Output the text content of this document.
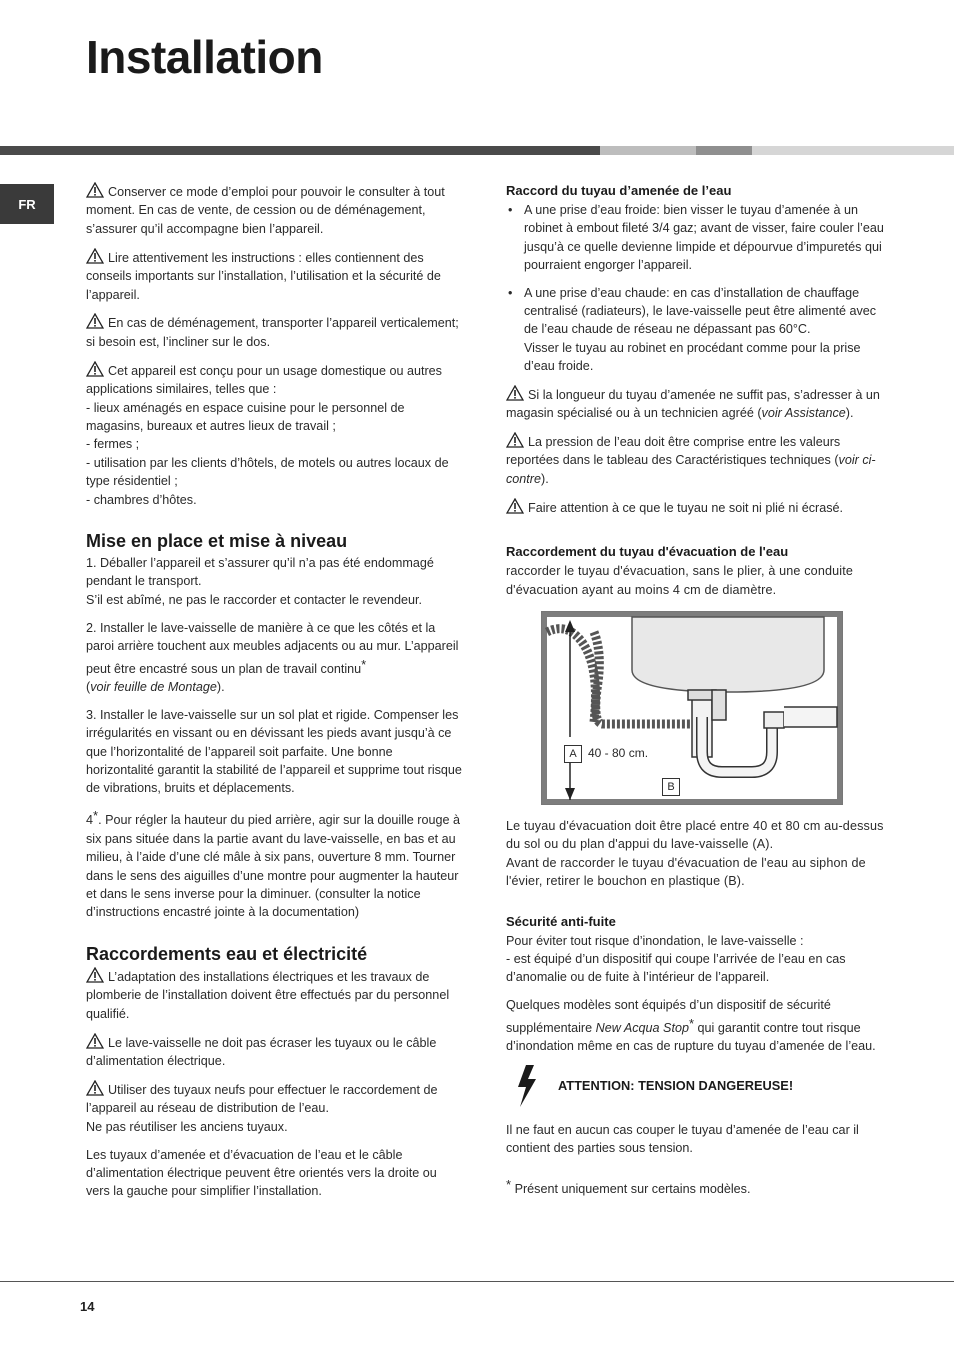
Installation
FR

Conserver ce mode d’emploi pour pouvoir le consulter à tout moment. En cas de vente, de cession ou de déménagement, s’assurer qu’il accompagne bien l’appareil.

Lire attentivement les instructions : elles contiennent des conseils importants sur l’installation, l’utilisation et la sécurité de l’appareil.

En cas de déménagement, transporter l’appareil verticalement; si besoin est, l’incliner sur le dos.

Cet appareil est conçu pour un usage domestique ou autres applications similaires, telles que :
- lieux aménagés en espace cuisine pour le personnel de magasins, bureaux et autres lieux de travail ;
- fermes ;
- utilisation par les clients d’hôtels, de motels ou autres locaux de type résidentiel ;
- chambres d’hôtes.

Mise en place et mise à niveau

1. Déballer l’appareil et s’assurer qu’il n’a pas été endommagé pendant le transport.
S’il est abîmé, ne pas le raccorder et contacter le revendeur.

2. Installer le lave-vaisselle de manière à ce que les côtés et la paroi arrière touchent aux meubles adjacents ou au mur. L’appareil peut être encastré sous un plan de travail continu*
(voir feuille de Montage).

3. Installer le lave-vaisselle sur un sol plat et rigide. Compenser les irrégularités en vissant ou en dévissant les pieds avant jusqu’à ce que l’horizontalité de l’appareil soit parfaite. Une bonne horizontalité garantit la stabilité de l’appareil et supprime tout risque de vibrations, bruits et déplacements.

4*. Pour régler la hauteur du pied arrière, agir sur la douille rouge à six pans située dans la partie avant du lave-vaisselle, en bas et au milieu, à l’aide d’une clé mâle à six pans, ouverture 8 mm. Tourner dans le sens des aiguilles d’une montre pour augmenter la hauteur et dans le sens inverse pour la diminuer. (consulter la notice d’instructions encastré jointe à la documentation)

Raccordements eau et électricité

L’adaptation des installations électriques et les travaux de plomberie de l’installation doivent être effectués par du personnel qualifié.

Le lave-vaisselle ne doit pas écraser les tuyaux ou le câble d’alimentation électrique.

Utiliser des tuyaux neufs pour effectuer le raccordement de l’appareil au réseau de distribution de l’eau.
Ne pas réutiliser les anciens tuyaux.

Les tuyaux d’amenée et d’évacuation de l’eau et le câble d’alimentation électrique peuvent être orientés vers la droite ou vers la gauche pour simplifier l’installation.

Raccord du tuyau d’amenée de l’eau
• A une prise d’eau froide: bien visser le tuyau d’amenée à un robinet à embout fileté 3/4 gaz; avant de visser, faire couler l’eau jusqu’à ce quelle devienne limpide et dépourvue d’impuretés qui pourraient engorger l’appareil.
• A une prise d’eau chaude: en cas d’installation de chauffage centralisé (radiateurs), le lave-vaisselle peut être alimenté avec de l’eau chaude de réseau ne dépassant pas 60°C.
Visser le tuyau au robinet en procédant comme pour la prise d’eau froide.

Si la longueur du tuyau d’amenée ne suffit pas, s’adresser à un magasin spécialisé ou à un technicien agréé (voir Assistance).

La pression de l’eau doit être comprise entre les valeurs reportées dans le tableau des Caractéristiques techniques (voir ci-contre).

Faire attention à ce que le tuyau ne soit ni plié ni écrasé.

Raccordement du tuyau d'évacuation de l'eau

raccorder le tuyau d'évacuation, sans le plier, à une conduite d'évacuation ayant au moins 4 cm de diamètre.

A 40 - 80 cm.
B

Le tuyau d'évacuation doit être placé entre 40 et 80 cm au-dessus du sol ou du plan d'appui du lave-vaisselle (A).
Avant de raccorder le tuyau d'évacuation de l'eau au siphon de l'évier, retirer le bouchon en plastique (B).

Sécurité anti-fuite

Pour éviter tout risque d’inondation, le lave-vaisselle :
- est équipé d’un dispositif qui coupe l’arrivée de l’eau en cas d’anomalie ou de fuite à l’intérieur de l’appareil.

Quelques modèles sont équipés d’un dispositif de sécurité supplémentaire New Acqua Stop* qui garantit contre tout risque d’inondation même en cas de rupture du tuyau d’amenée de l’eau.

ATTENTION: TENSION DANGEREUSE!

Il ne faut en aucun cas couper le tuyau d’amenée de l’eau car il contient des parties sous tension.

* Présent uniquement sur certains modèles.

14
